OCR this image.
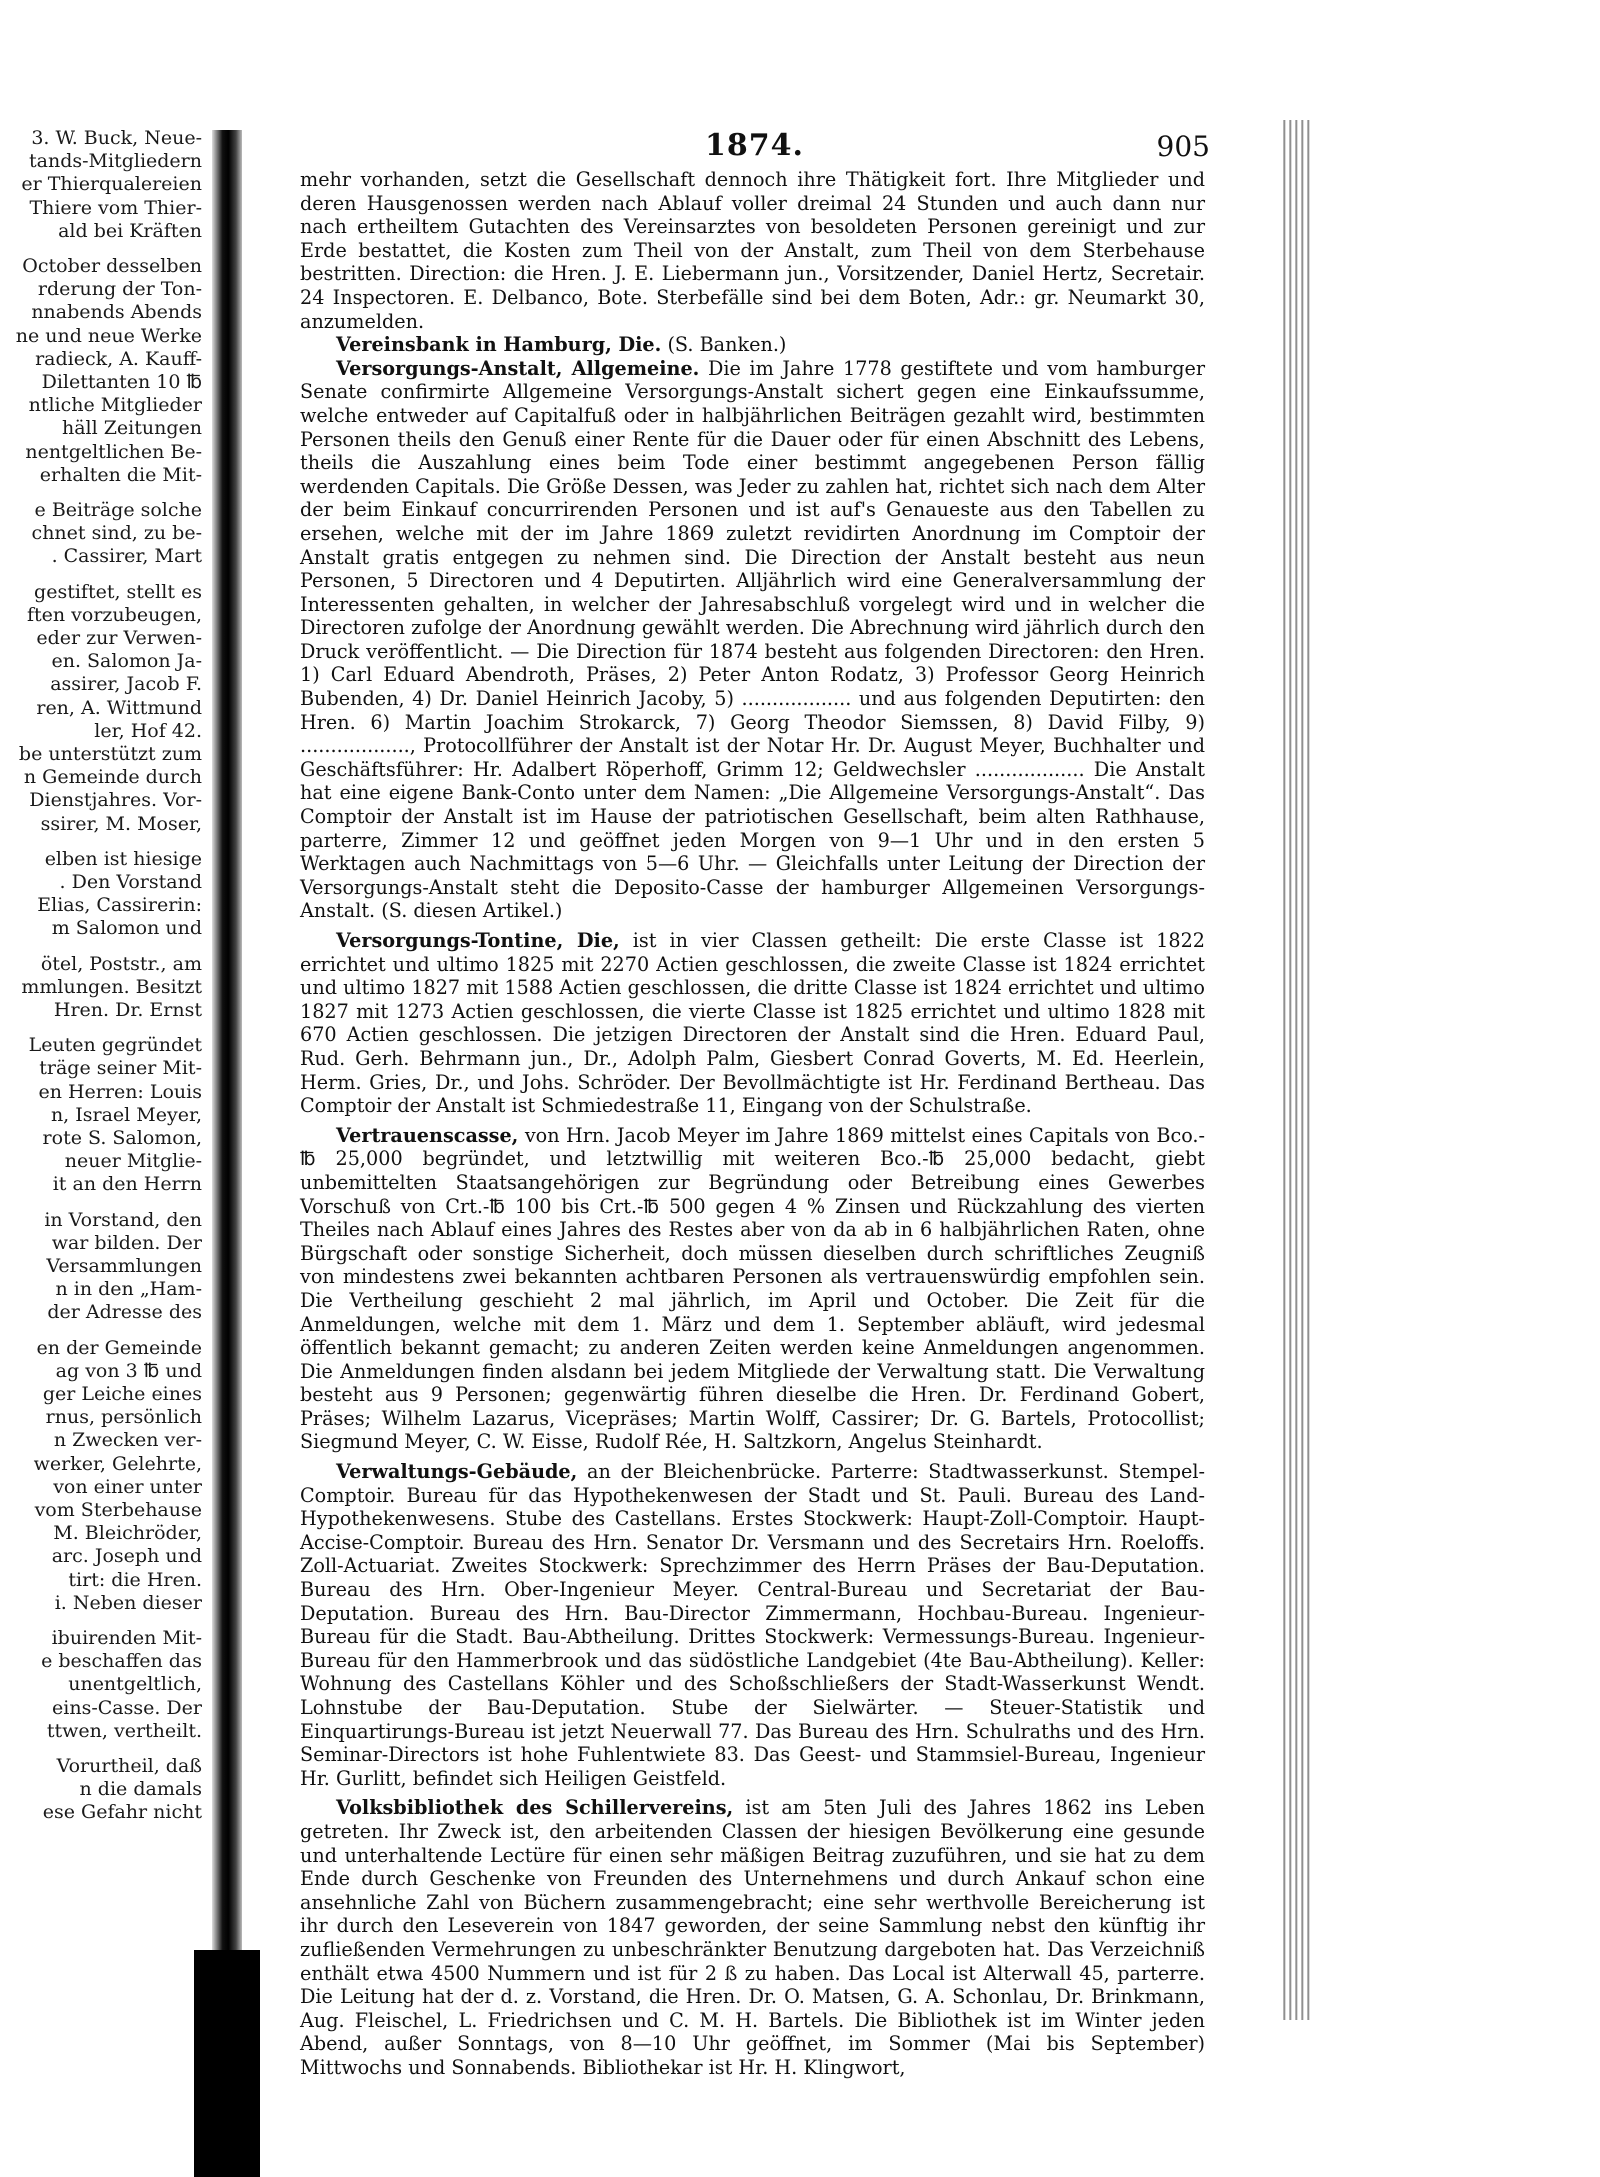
3. W. Buck, Neue-
tands-Mitgliedern
er Thierqualereien
Thiere vom Thier-
ald bei Kräften
October desselben
rderung der Ton-
nnabends Abends
ne und neue Werke
radieck, A. Kauff-
Dilettanten 10 ℔
ntliche Mitglieder
häll Zeitungen
nentgeltlichen Be-
erhalten die Mit-
e Beiträge solche
chnet sind, zu be-
. Cassirer, Mart
gestiftet, stellt es
ften vorzubeugen,
eder zur Verwen-
en. Salomon Ja-
assirer, Jacob F.
ren, A. Wittmund
ler, Hof 42.
be unterstützt zum
n Gemeinde durch
Dienstjahres. Vor-
ssirer, M. Moser,
elben ist hiesige
. Den Vorstand
Elias, Cassirerin:
m Salomon und
ötel, Poststr., am
mmlungen. Besitzt
Hren. Dr. Ernst
Leuten gegründet
träge seiner Mit-
en Herren: Louis
n, Israel Meyer,
rote S. Salomon,
neuer Mitglie-
it an den Herrn
in Vorstand, den
war bilden. Der
Versammlungen
n in den „Ham-
der Adresse des
en der Gemeinde
ag von 3 ℔ und
ger Leiche eines
rnus, persönlich
n Zwecken ver-
werker, Gelehrte,
von einer unter
vom Sterbehause
M. Bleichröder,
arc. Joseph und
tirt: die Hren.
i. Neben dieser
ibuirenden Mit-
e beschaffen das
unentgeltlich,
eins-Casse. Der
ttwen, vertheilt.
Vorurtheil, daß
n die damals
ese Gefahr nicht
1874.	905

mehr vorhanden, setzt die Gesellschaft dennoch ihre Thätigkeit fort. Ihre Mitglieder und deren Hausgenossen werden nach Ablauf voller dreimal 24 Stunden und auch dann nur nach ertheiltem Gutachten des Vereinsarztes von besoldeten Personen gereinigt und zur Erde bestattet, die Kosten zum Theil von der Anstalt, zum Theil von dem Sterbehause bestritten. Direction: die Hren. J. E. Liebermann jun., Vorsitzender, Daniel Hertz, Secretair. 24 Inspectoren. E. Delbanco, Bote. Sterbefälle sind bei dem Boten, Adr.: gr. Neumarkt 30, anzumelden.

Vereinsbank in Hamburg, Die. (S. Banken.)

Versorgungs-Anstalt, Allgemeine. Die im Jahre 1778 gestiftete und vom hamburger Senate confirmirte Allgemeine Versorgungs-Anstalt sichert gegen eine Einkaufssumme, welche entweder auf Capitalfuß oder in halbjährlichen Beiträgen gezahlt wird, bestimmten Personen theils den Genuß einer Rente für die Dauer oder für einen Abschnitt des Lebens, theils die Auszahlung eines beim Tode einer bestimmt angegebenen Person fällig werdenden Capitals. Die Größe Dessen, was Jeder zu zahlen hat, richtet sich nach dem Alter der beim Einkauf concurrirenden Personen und ist auf's Genaueste aus den Tabellen zu ersehen, welche mit der im Jahre 1869 zuletzt revidirten Anordnung im Comptoir der Anstalt gratis entgegen zu nehmen sind. Die Direction der Anstalt besteht aus neun Personen, 5 Directoren und 4 Deputirten. Alljährlich wird eine Generalversammlung der Interessenten gehalten, in welcher der Jahresabschluß vorgelegt wird und in welcher die Directoren zufolge der Anordnung gewählt werden. Die Abrechnung wird jährlich durch den Druck veröffentlicht. — Die Direction für 1874 besteht aus folgenden Directoren: den Hren. 1) Carl Eduard Abendroth, Präses, 2) Peter Anton Rodatz, 3) Professor Georg Heinrich Bubenden, 4) Dr. Daniel Heinrich Jacoby, 5) .................. und aus folgenden Deputirten: den Hren. 6) Martin Joachim Strokarck, 7) Georg Theodor Siemssen, 8) David Filby, 9) .................., Protocollführer der Anstalt ist der Notar Hr. Dr. August Meyer, Buchhalter und Geschäftsführer: Hr. Adalbert Röperhoff, Grimm 12; Geldwechsler .................. Die Anstalt hat eine eigene Bank-Conto unter dem Namen: „Die Allgemeine Versorgungs-Anstalt“. Das Comptoir der Anstalt ist im Hause der patriotischen Gesellschaft, beim alten Rathhause, parterre, Zimmer 12 und geöffnet jeden Morgen von 9—1 Uhr und in den ersten 5 Werktagen auch Nachmittags von 5—6 Uhr. — Gleichfalls unter Leitung der Direction der Versorgungs-Anstalt steht die Deposito-Casse der hamburger Allgemeinen Versorgungs-Anstalt. (S. diesen Artikel.)

Versorgungs-Tontine, Die, ist in vier Classen getheilt: Die erste Classe ist 1822 errichtet und ultimo 1825 mit 2270 Actien geschlossen, die zweite Classe ist 1824 errichtet und ultimo 1827 mit 1588 Actien geschlossen, die dritte Classe ist 1824 errichtet und ultimo 1827 mit 1273 Actien geschlossen, die vierte Classe ist 1825 errichtet und ultimo 1828 mit 670 Actien geschlossen. Die jetzigen Directoren der Anstalt sind die Hren. Eduard Paul, Rud. Gerh. Behrmann jun., Dr., Adolph Palm, Giesbert Conrad Goverts, M. Ed. Heerlein, Herm. Gries, Dr., und Johs. Schröder. Der Bevollmächtigte ist Hr. Ferdinand Bertheau. Das Comptoir der Anstalt ist Schmiedestraße 11, Eingang von der Schulstraße.

Vertrauenscasse, von Hrn. Jacob Meyer im Jahre 1869 mittelst eines Capitals von Bco.-℔ 25,000 begründet, und letztwillig mit weiteren Bco.-℔ 25,000 bedacht, giebt unbemittelten Staatsangehörigen zur Begründung oder Betreibung eines Gewerbes Vorschuß von Crt.-℔ 100 bis Crt.-℔ 500 gegen 4 % Zinsen und Rückzahlung des vierten Theiles nach Ablauf eines Jahres des Restes aber von da ab in 6 halbjährlichen Raten, ohne Bürgschaft oder sonstige Sicherheit, doch müssen dieselben durch schriftliches Zeugniß von mindestens zwei bekannten achtbaren Personen als vertrauenswürdig empfohlen sein. Die Vertheilung geschieht 2 mal jährlich, im April und October. Die Zeit für die Anmeldungen, welche mit dem 1. März und dem 1. September abläuft, wird jedesmal öffentlich bekannt gemacht; zu anderen Zeiten werden keine Anmeldungen angenommen. Die Anmeldungen finden alsdann bei jedem Mitgliede der Verwaltung statt. Die Verwaltung besteht aus 9 Personen; gegenwärtig führen dieselbe die Hren. Dr. Ferdinand Gobert, Präses; Wilhelm Lazarus, Vicepräses; Martin Wolff, Cassirer; Dr. G. Bartels, Protocollist; Siegmund Meyer, C. W. Eisse, Rudolf Rée, H. Saltzkorn, Angelus Steinhardt.

Verwaltungs-Gebäude, an der Bleichenbrücke. Parterre: Stadtwasserkunst. Stempel-Comptoir. Bureau für das Hypothekenwesen der Stadt und St. Pauli. Bureau des Land-Hypothekenwesens. Stube des Castellans. Erstes Stockwerk: Haupt-Zoll-Comptoir. Haupt-Accise-Comptoir. Bureau des Hrn. Senator Dr. Versmann und des Secretairs Hrn. Roeloffs. Zoll-Actuariat. Zweites Stockwerk: Sprechzimmer des Herrn Präses der Bau-Deputation. Bureau des Hrn. Ober-Ingenieur Meyer. Central-Bureau und Secretariat der Bau-Deputation. Bureau des Hrn. Bau-Director Zimmermann, Hochbau-Bureau. Ingenieur-Bureau für die Stadt. Bau-Abtheilung. Drittes Stockwerk: Vermessungs-Bureau. Ingenieur-Bureau für den Hammerbrook und das südöstliche Landgebiet (4te Bau-Abtheilung). Keller: Wohnung des Castellans Köhler und des Schoßschließers der Stadt-Wasserkunst Wendt. Lohnstube der Bau-Deputation. Stube der Sielwärter. — Steuer-Statistik und Einquartirungs-Bureau ist jetzt Neuerwall 77. Das Bureau des Hrn. Schulraths und des Hrn. Seminar-Directors ist hohe Fuhlentwiete 83. Das Geest- und Stammsiel-Bureau, Ingenieur Hr. Gurlitt, befindet sich Heiligen Geistfeld.

Volksbibliothek des Schillervereins, ist am 5ten Juli des Jahres 1862 ins Leben getreten. Ihr Zweck ist, den arbeitenden Classen der hiesigen Bevölkerung eine gesunde und unterhaltende Lectüre für einen sehr mäßigen Beitrag zuzuführen, und sie hat zu dem Ende durch Geschenke von Freunden des Unternehmens und durch Ankauf schon eine ansehnliche Zahl von Büchern zusammengebracht; eine sehr werthvolle Bereicherung ist ihr durch den Leseverein von 1847 geworden, der seine Sammlung nebst den künftig ihr zufließenden Vermehrungen zu unbeschränkter Benutzung dargeboten hat. Das Verzeichniß enthält etwa 4500 Nummern und ist für 2 ß zu haben. Das Local ist Alterwall 45, parterre. Die Leitung hat der d. z. Vorstand, die Hren. Dr. O. Matsen, G. A. Schonlau, Dr. Brinkmann, Aug. Fleischel, L. Friedrichsen und C. M. H. Bartels. Die Bibliothek ist im Winter jeden Abend, außer Sonntags, von 8—10 Uhr geöffnet, im Sommer (Mai bis September) Mittwochs und Sonnabends. Bibliothekar ist Hr. H. Klingwort,
